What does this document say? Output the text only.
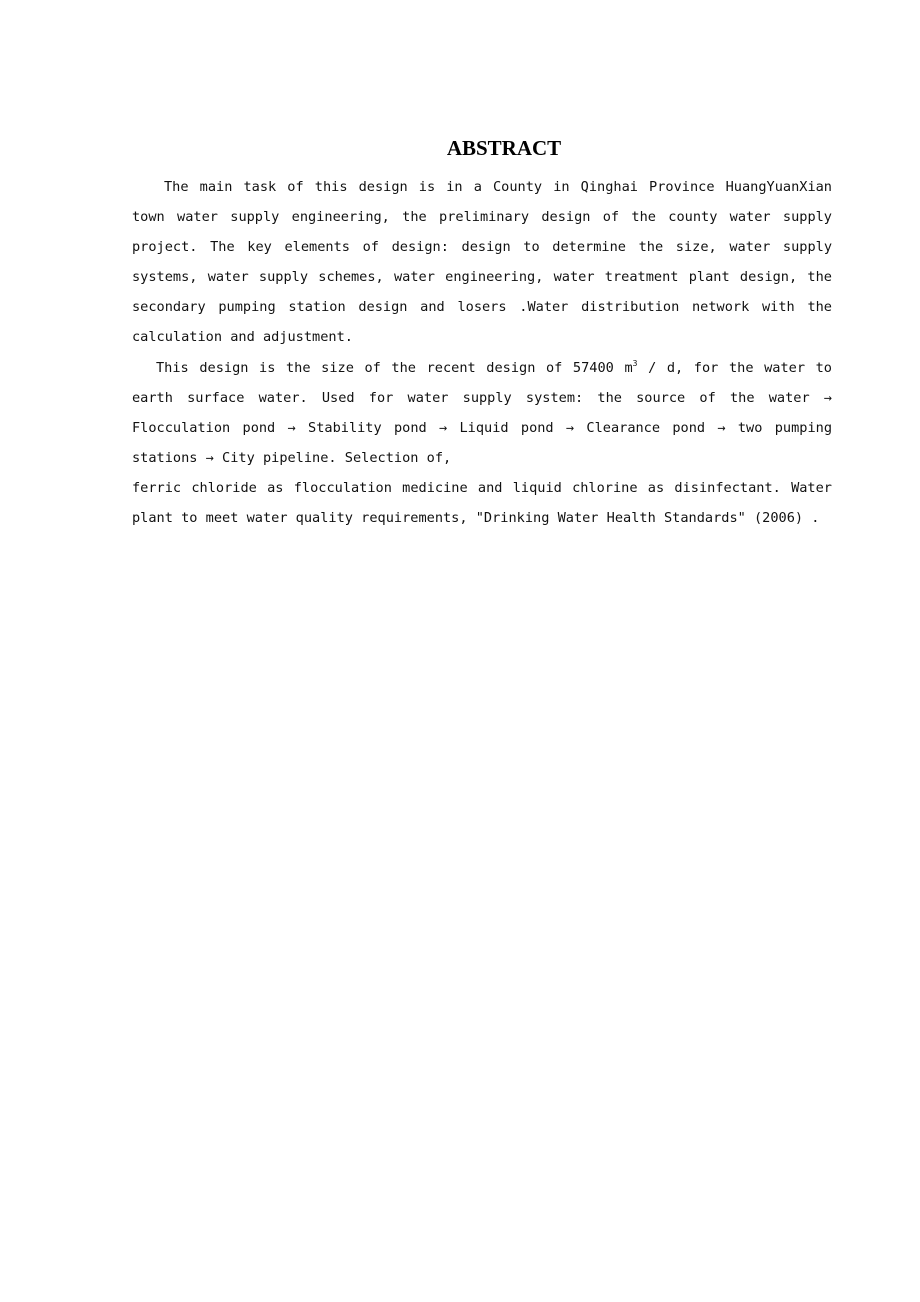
ABSTRACT

The main task of this design is in a County in Qinghai Province HuangYuanXian town water supply engineering, the preliminary design of the county water supply project. The key elements of design: design to determine the size, water supply systems, water supply schemes, water engineering, water treatment plant design, the secondary pumping station design and losers .Water distribution network with the calculation and adjustment.

This design is the size of the recent design of 57400 $m^3$ / d, for the water to earth surface water. Used for water supply system: the source of the water → Flocculation pond → Stability pond → Liquid pond → Clearance pond → two pumping stations → City pipeline. Selection of,

ferric chloride as flocculation medicine and liquid chlorine as disinfectant. Water plant to meet water quality requirements, "Drinking Water Health Standards" (2006) .
